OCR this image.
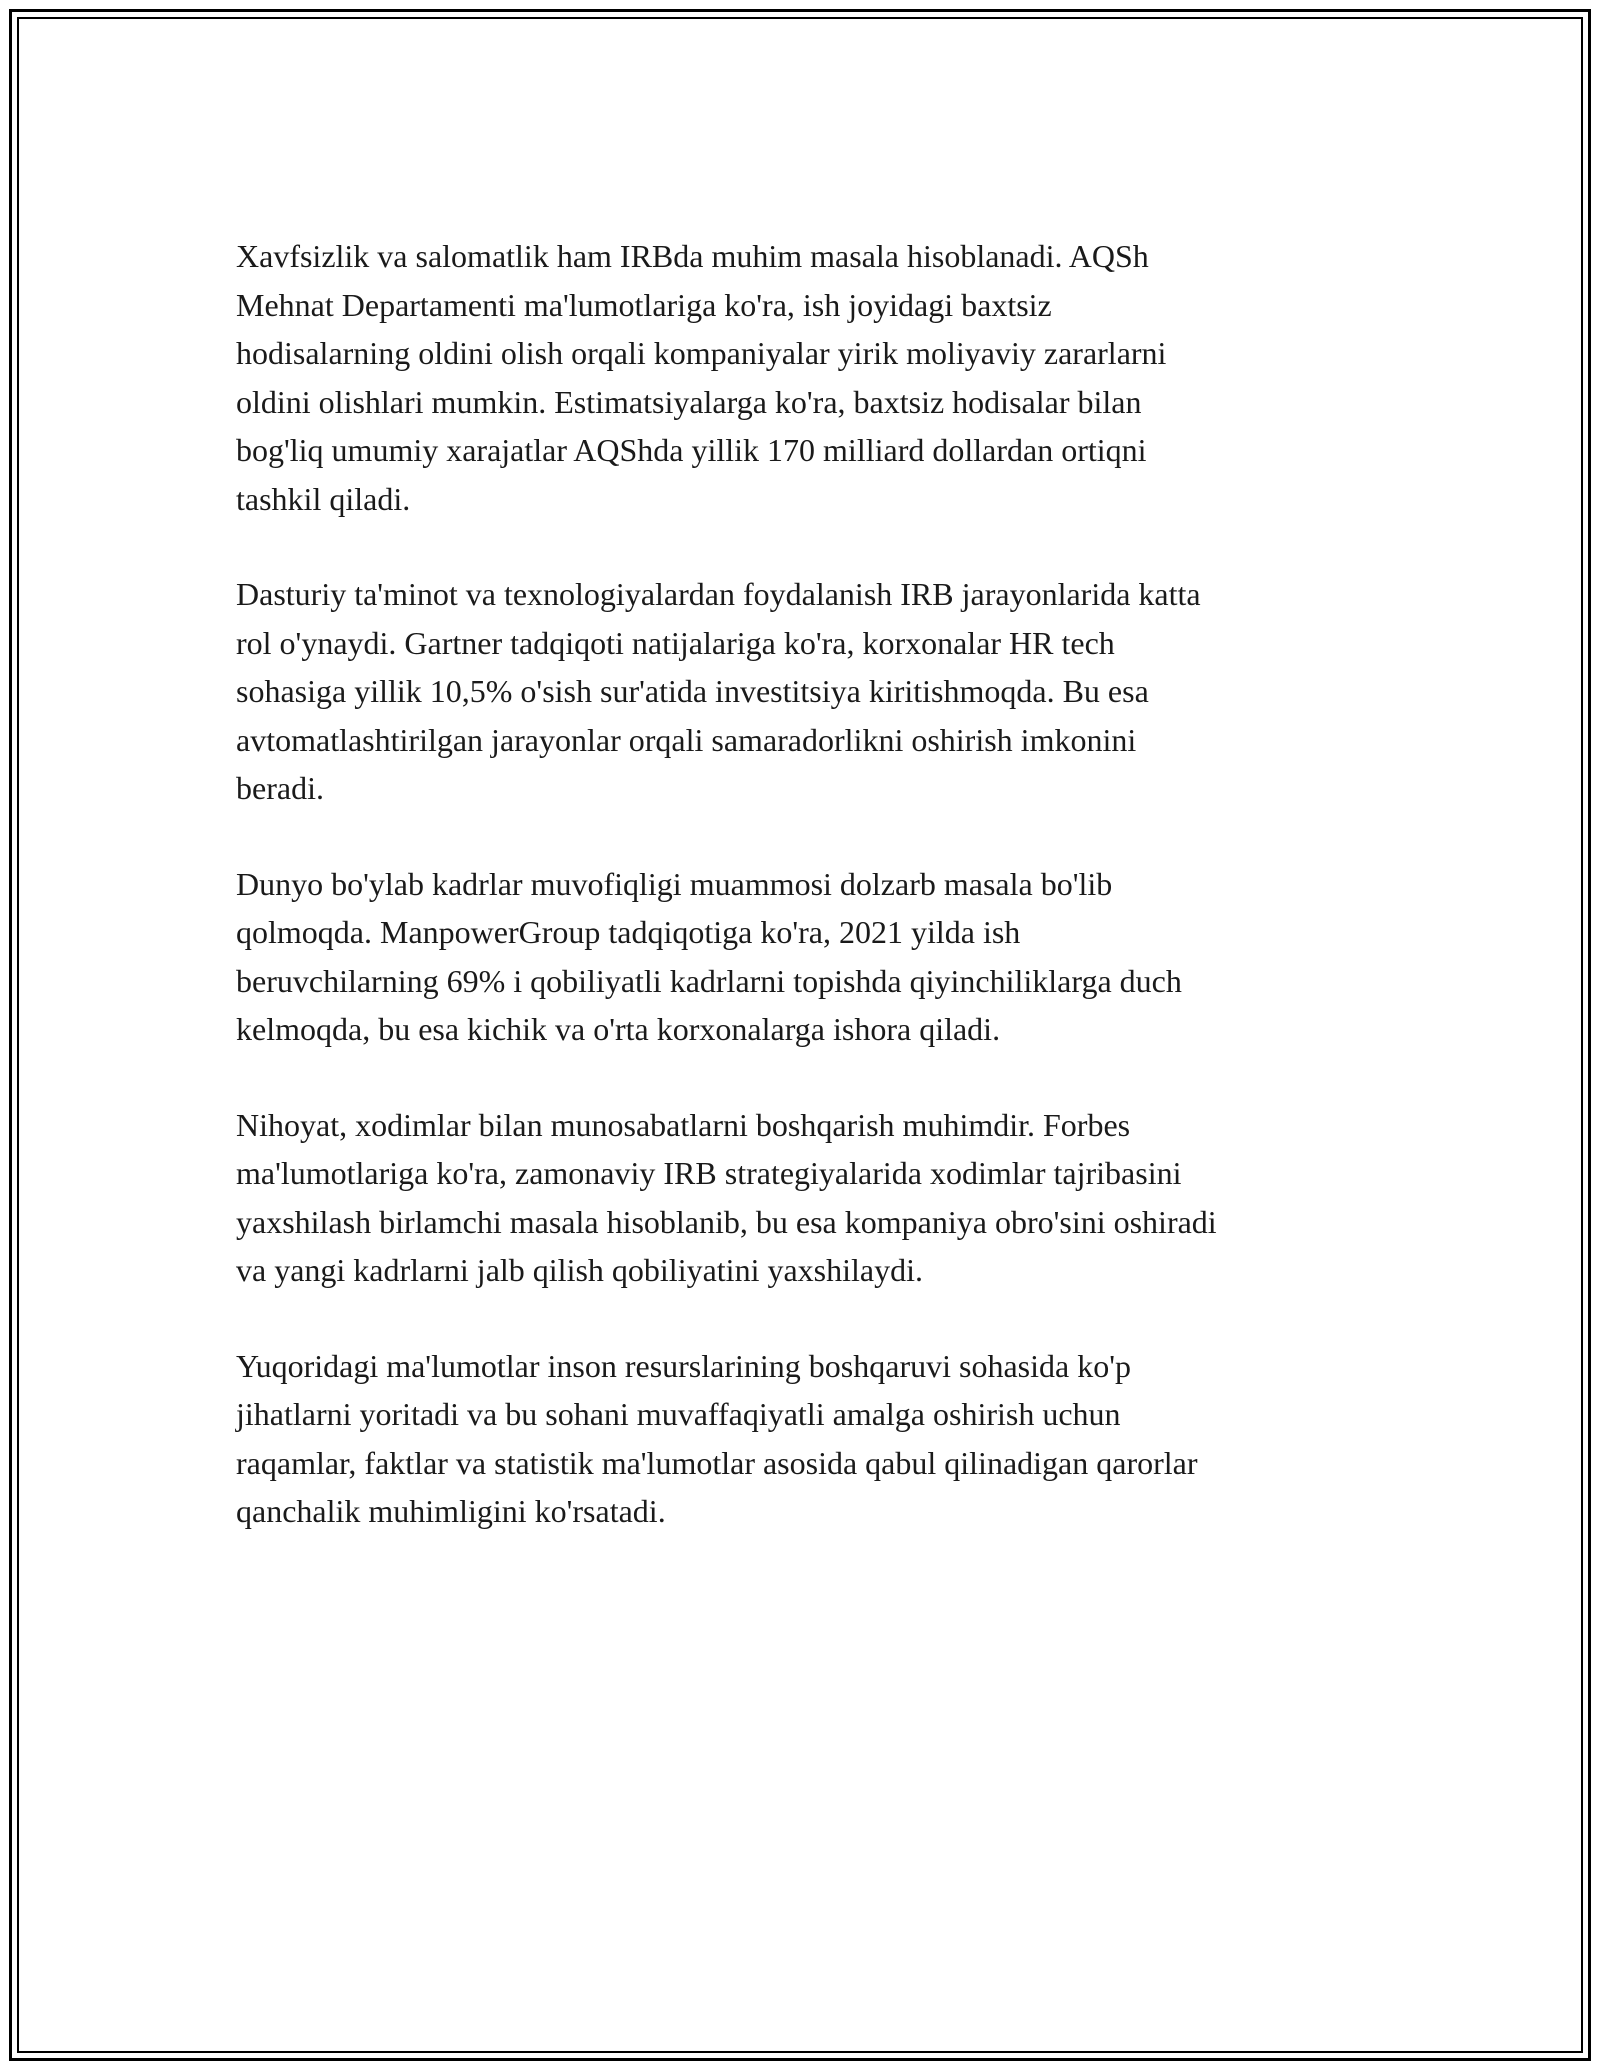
Xavfsizlik va salomatlik ham IRBda muhim masala hisoblanadi. AQSh
Mehnat Departamenti ma'lumotlariga ko'ra, ish joyidagi baxtsiz
hodisalarning oldini olish orqali kompaniyalar yirik moliyaviy zararlarni
oldini olishlari mumkin. Estimatsiyalarga ko'ra, baxtsiz hodisalar bilan
bog'liq umumiy xarajatlar AQShda yillik 170 milliard dollardan ortiqni
tashkil qiladi.

Dasturiy ta'minot va texnologiyalardan foydalanish IRB jarayonlarida katta
rol o'ynaydi. Gartner tadqiqoti natijalariga ko'ra, korxonalar HR tech
sohasiga yillik 10,5% o'sish sur'atida investitsiya kiritishmoqda. Bu esa
avtomatlashtirilgan jarayonlar orqali samaradorlikni oshirish imkonini
beradi.

Dunyo bo'ylab kadrlar muvofiqligi muammosi dolzarb masala bo'lib
qolmoqda. ManpowerGroup tadqiqotiga ko'ra, 2021 yilda ish
beruvchilarning 69% i qobiliyatli kadrlarni topishda qiyinchiliklarga duch
kelmoqda, bu esa kichik va o'rta korxonalarga ishora qiladi.

Nihoyat, xodimlar bilan munosabatlarni boshqarish muhimdir. Forbes
ma'lumotlariga ko'ra, zamonaviy IRB strategiyalarida xodimlar tajribasini
yaxshilash birlamchi masala hisoblanib, bu esa kompaniya obro'sini oshiradi
va yangi kadrlarni jalb qilish qobiliyatini yaxshilaydi.

Yuqoridagi ma'lumotlar inson resurslarining boshqaruvi sohasida ko'p
jihatlarni yoritadi va bu sohani muvaffaqiyatli amalga oshirish uchun
raqamlar, faktlar va statistik ma'lumotlar asosida qabul qilinadigan qarorlar
qanchalik muhimligini ko'rsatadi.
